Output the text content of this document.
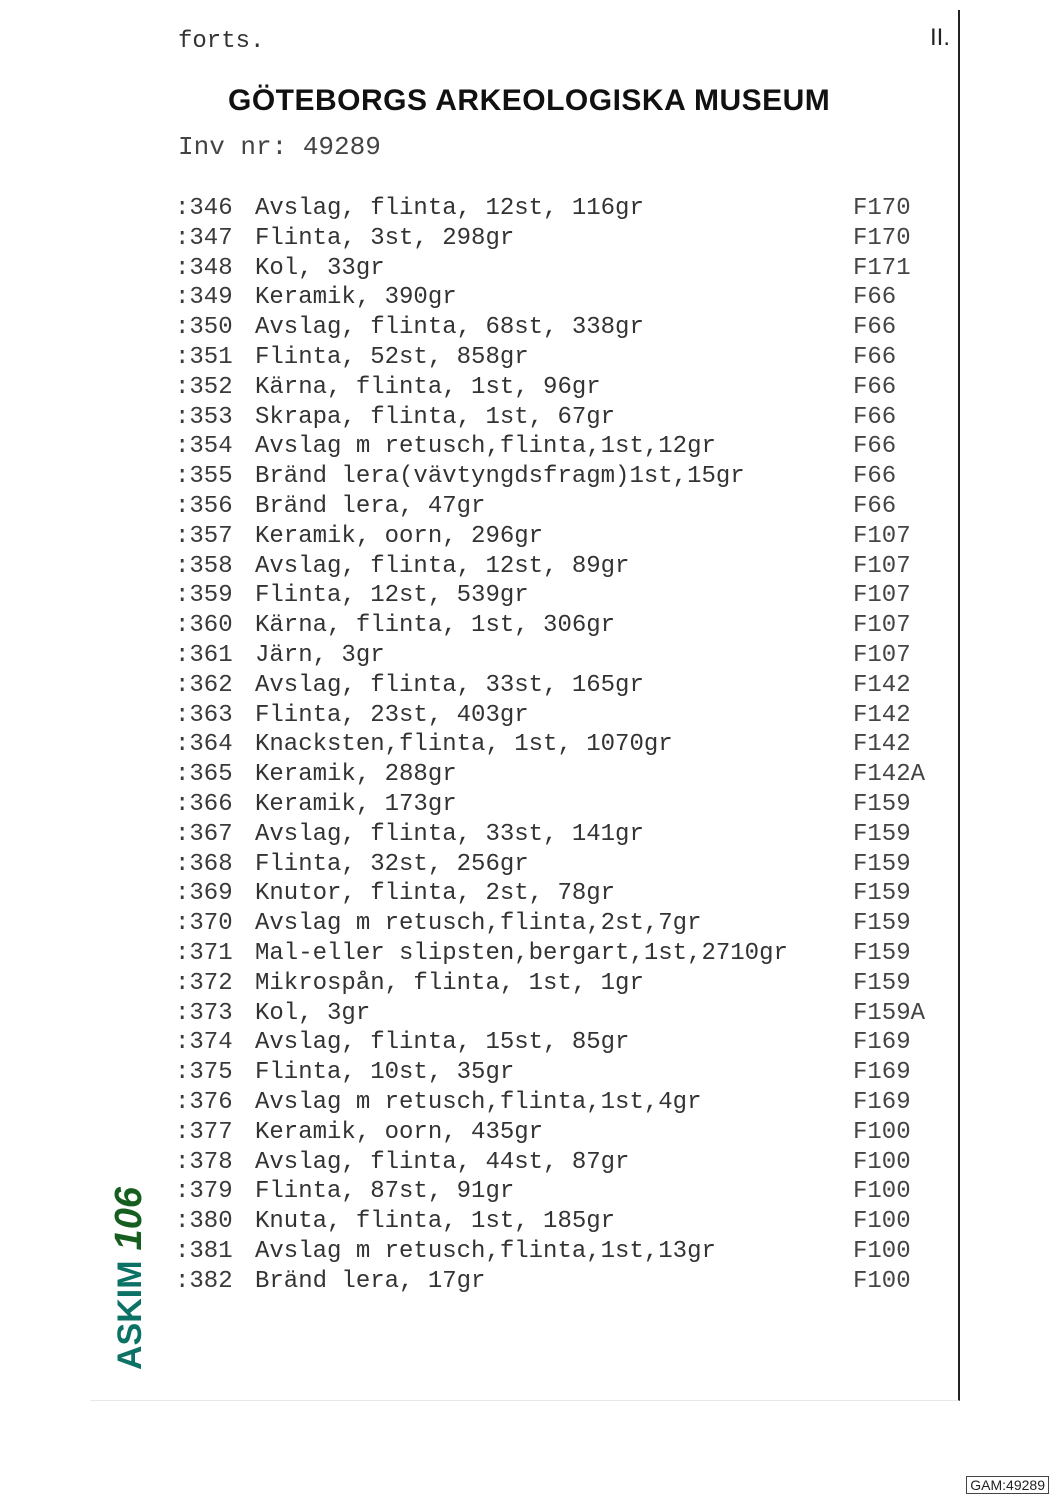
forts.	II.
GÖTEBORGS ARKEOLOGISKA MUSEUM
Inv nr: 49289
:346 Avslag, flinta, 12st, 116gr	F170
:347 Flinta, 3st, 298gr	F170
:348 Kol, 33gr	F171
:349 Keramik, 390gr	F66
:350 Avslag, flinta, 68st, 338gr	F66
:351 Flinta, 52st, 858gr	F66
:352 Kärna, flinta, 1st, 96gr	F66
:353 Skrapa, flinta, 1st, 67gr	F66
:354 Avslag m retusch,flinta,1st,12gr	F66
:355 Bränd lera(vävtyngdsfragm)1st,15gr	F66
:356 Bränd lera, 47gr	F66
:357 Keramik, oorn, 296gr	F107
:358 Avslag, flinta, 12st, 89gr	F107
:359 Flinta, 12st, 539gr	F107
:360 Kärna, flinta, 1st, 306gr	F107
:361 Järn, 3gr	F107
:362 Avslag, flinta, 33st, 165gr	F142
:363 Flinta, 23st, 403gr	F142
:364 Knacksten,flinta, 1st, 1070gr	F142
:365 Keramik, 288gr	F142A
:366 Keramik, 173gr	F159
:367 Avslag, flinta, 33st, 141gr	F159
:368 Flinta, 32st, 256gr	F159
:369 Knutor, flinta, 2st, 78gr	F159
:370 Avslag m retusch,flinta,2st,7gr	F159
:371 Mal-eller slipsten,bergart,1st,2710gr	F159
:372 Mikrospån, flinta, 1st, 1gr	F159
:373 Kol, 3gr	F159A
:374 Avslag, flinta, 15st, 85gr	F169
:375 Flinta, 10st, 35gr	F169
:376 Avslag m retusch,flinta,1st,4gr	F169
:377 Keramik, oorn, 435gr	F100
:378 Avslag, flinta, 44st, 87gr	F100
:379 Flinta, 87st, 91gr	F100
:380 Knuta, flinta, 1st, 185gr	F100
:381 Avslag m retusch,flinta,1st,13gr	F100
:382 Bränd lera, 17gr	F100
ASKIM106
GAM:49289
